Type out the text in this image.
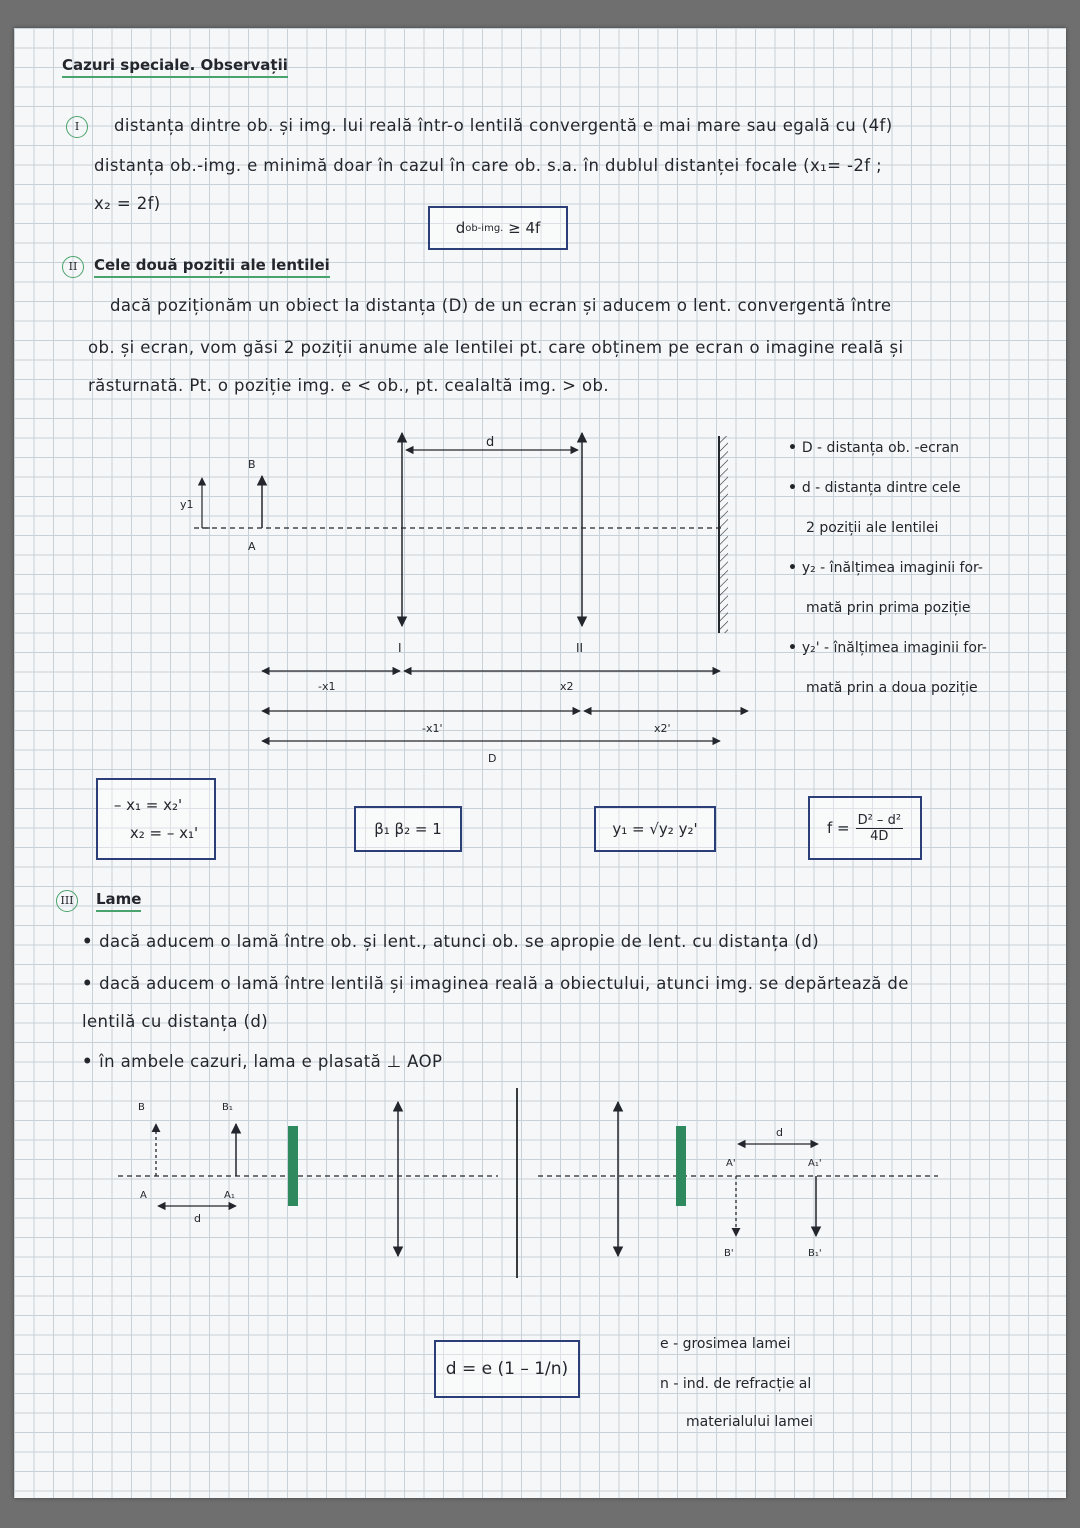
Cazuri speciale. Observații
I	distanța dintre ob. și img. lui reală într-o lentilă convergentă e mai mare sau egală cu (4f)
distanța ob.-img. e minimă doar în cazul în care ob. s.a. în dublul distanței focale (x₁= -2f ;
x₂ = 2f)
d ob-img.
≥ 4f
II	Cele două poziții ale lentilei
dacă poziționăm un obiect la distanța (D) de un ecran și aducem o lent. convergentă între
ob. și ecran, vom găsi 2 poziții anume ale lentilei pt. care obținem pe ecran o imagine reală și
răsturnată. Pt. o poziție img. e < ob., pt. cealaltă img. > ob.
B
A
y1
I	II
d
-x1	x2
-x1'	x2'
D
• D - distanța ob. -ecran
• d - distanța dintre cele
2 poziții ale lentilei
• y₂ - înălțimea imaginii for-
mată prin prima poziție
• y₂' - înălțimea imaginii for-
mată prin a doua poziție
– x₁ = x₂'
x₂ = – x₁'	β₁ β₂ = 1	y₁ = √y₂ y₂'	$f = \frac{\text{D² – d²}}{4D}$
III Lame
• dacă aducem o lamă între ob. și lent., atunci ob. se apropie de lent. cu distanța (d)
• dacă aducem o lamă între lentilă și imaginea reală a obiectului, atunci img. se depărtează de
lentilă cu distanța (d)
• în ambele cazuri, lama e plasată ⊥ AOP
B
A
B₁
A₁
d
d
A'
B'
A₁'
B₁'
d = e (1 – 1/n)
e - grosimea lamei
n - ind. de refracție al
materialului lamei
